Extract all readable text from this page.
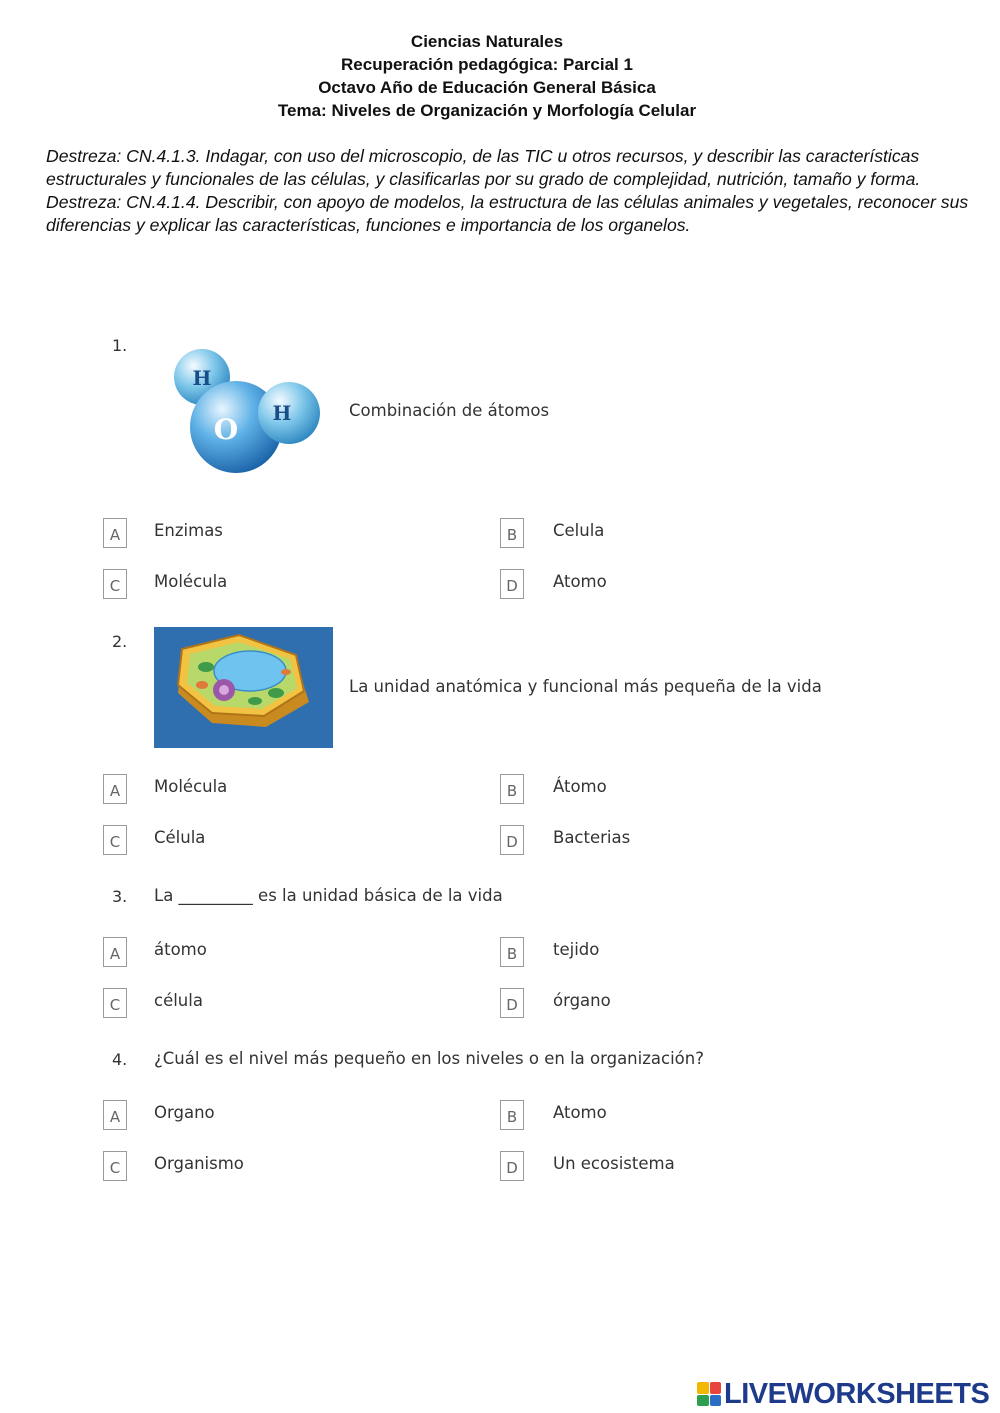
Ciencias Naturales
Recuperación pedagógica: Parcial 1
Octavo Año de Educación General Básica
Tema: Niveles de Organización y Morfología Celular

Destreza: CN.4.1.3. Indagar, con uso del microscopio, de las TIC u otros recursos, y describir las características estructurales y funcionales de las células, y clasificarlas por su grado de complejidad, nutrición, tamaño y forma.

Destreza: CN.4.1.4. Describir, con apoyo de modelos, la estructura de las células animales y vegetales, reconocer sus diferencias y explicar las características, funciones e importancia de los organelos.

1.
H
O H	Combinación de átomos
A	Enzimas	B	Celula
C	Molécula	D	Atomo
2.
La unidad anatómica y funcional más pequeña de la vida
A	Molécula	B	Átomo
C	Célula	D	Bacterias
3. La _________ es la unidad básica de la vida
A	átomo	B	tejido
C	célula	D	órgano
4. ¿Cuál es el nivel más pequeño en los niveles o en la organización?
A	Organo	B	Atomo
C	Organismo	D	Un ecosistema
LIVEWORKSHEETS
